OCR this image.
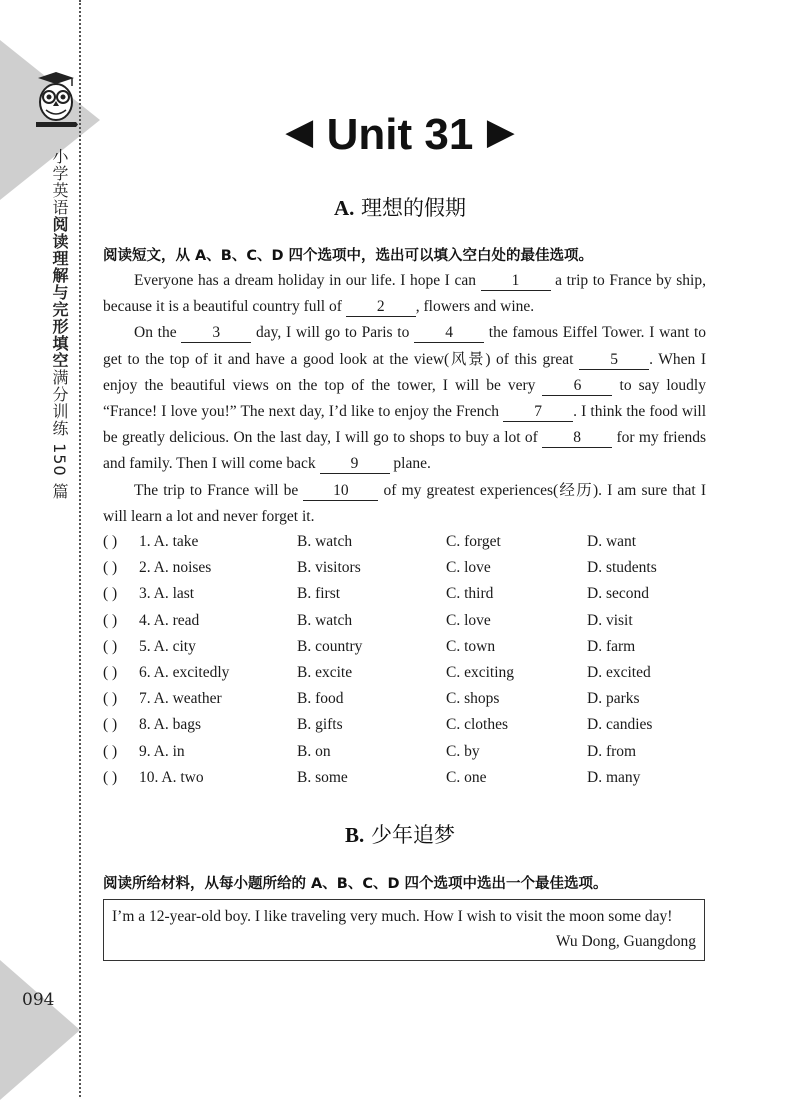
小学英语阅读理解与完形填空满分训练 150 篇
094
◀ Unit 31 ▶
A. 理想的假期
阅读短文，从 A、B、C、D 四个选项中，选出可以填入空白处的最佳选项。

Everyone has a dream holiday in our life. I hope I can 1 a trip to France by ship, because it is a beautiful country full of 2 , flowers and wine.

On the 3 day, I will go to Paris to 4 the famous Eiffel Tower. I want to get to the top of it and have a good look at the view(风景) of this great 5 . When I enjoy the beautiful views on the top of the tower, I will be very 6 to say loudly “France! I love you!” The next day, I’d like to enjoy the French 7 . I think the food will be greatly delicious. On the last day, I will go to shops to buy a lot of 8 for my friends and family. Then I will come back 9 plane.

The trip to France will be 10 of my greatest experiences(经历). I am sure that I will learn a lot and never forget it.

( ) 1. A. take	B. watch	C. forget	D. want
( ) 2. A. noises	B. visitors	C. love	D. students
( ) 3. A. last	B. first	C. third	D. second
( ) 4. A. read	B. watch	C. love	D. visit
( ) 5. A. city	B. country	C. town	D. farm
( ) 6. A. excitedly	B. excite	C. exciting	D. excited
( ) 7. A. weather	B. food	C. shops	D. parks
( ) 8. A. bags	B. gifts	C. clothes	D. candies
( ) 9. A. in	B. on	C. by	D. from
( ) 10. A. two	B. some	C. one	D. many
B. 少年追梦
阅读所给材料，从每小题所给的 A、B、C、D 四个选项中选出一个最佳选项。
I’m a 12-year-old boy. I like traveling very much. How I wish to visit the moon some day!
Wu Dong, Guangdong
